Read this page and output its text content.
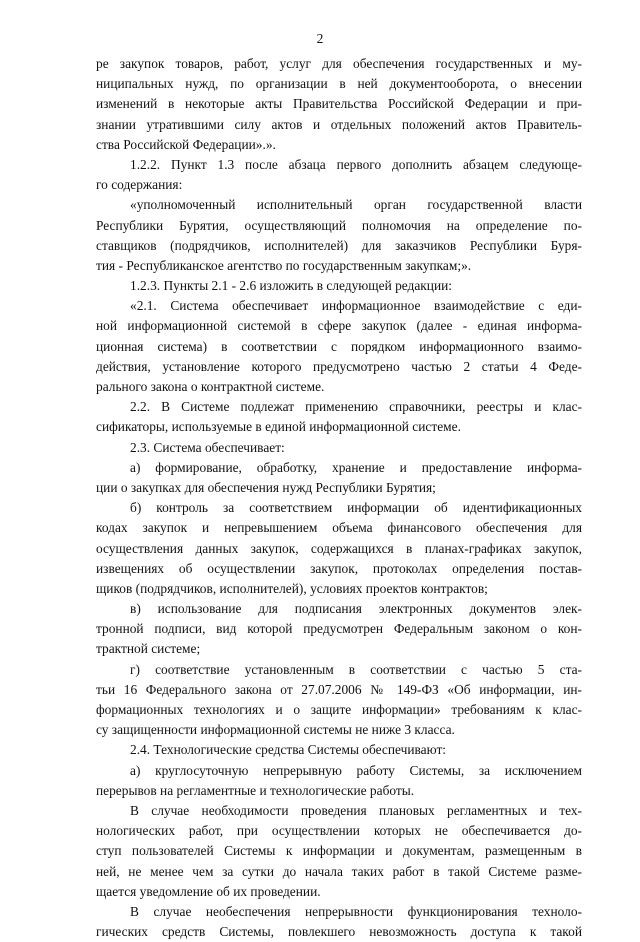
2
ре закупок товаров, работ, услуг для обеспечения государственных и му-
ниципальных нужд, по организации в ней документооборота, о внесении
изменений в некоторые акты Правительства Российской Федерации и при-
знании утратившими силу актов и отдельных положений актов Правитель-
ства Российской Федерации».».
1.2.2. Пункт 1.3 после абзаца первого дополнить абзацем следующе-
го содержания:
«уполномоченный исполнительный орган государственной власти
Республики Бурятия, осуществляющий полномочия на определение по-
ставщиков (подрядчиков, исполнителей) для заказчиков Республики Буря-
тия - Республиканское агентство по государственным закупкам;».
1.2.3. Пункты 2.1 - 2.6 изложить в следующей редакции:
«2.1. Система обеспечивает информационное взаимодействие с еди-
ной информационной системой в сфере закупок (далее - единая информа-
ционная система) в соответствии с порядком информационного взаимо-
действия, установление которого предусмотрено частью 2 статьи 4 Феде-
рального закона о контрактной системе.
2.2. В Системе подлежат применению справочники, реестры и клас-
сификаторы, используемые в единой информационной системе.
2.3. Система обеспечивает:
а) формирование, обработку, хранение и предоставление информа-
ции о закупках для обеспечения нужд Республики Бурятия;
б) контроль за соответствием информации об идентификационных
кодах закупок и непревышением объема финансового обеспечения для
осуществления данных закупок, содержащихся в планах-графиках закупок,
извещениях об осуществлении закупок, протоколах определения постав-
щиков (подрядчиков, исполнителей), условиях проектов контрактов;
в) использование для подписания электронных документов элек-
тронной подписи, вид которой предусмотрен Федеральным законом о кон-
трактной системе;
г) соответствие установленным в соответствии с частью 5 ста-
тьи 16 Федерального закона от 27.07.2006 № 149-ФЗ «Об информации, ин-
формационных технологиях и о защите информации» требованиям к клас-
су защищенности информационной системы не ниже 3 класса.
2.4. Технологические средства Системы обеспечивают:
а) круглосуточную непрерывную работу Системы, за исключением
перерывов на регламентные и технологические работы.
В случае необходимости проведения плановых регламентных и тех-
нологических работ, при осуществлении которых не обеспечивается до-
ступ пользователей Системы к информации и документам, размещенным в
ней, не менее чем за сутки до начала таких работ в такой Системе разме-
щается уведомление об их проведении.
В случае необеспечения непрерывности функционирования техноло-
гических средств Системы, повлекшего невозможность доступа к такой
